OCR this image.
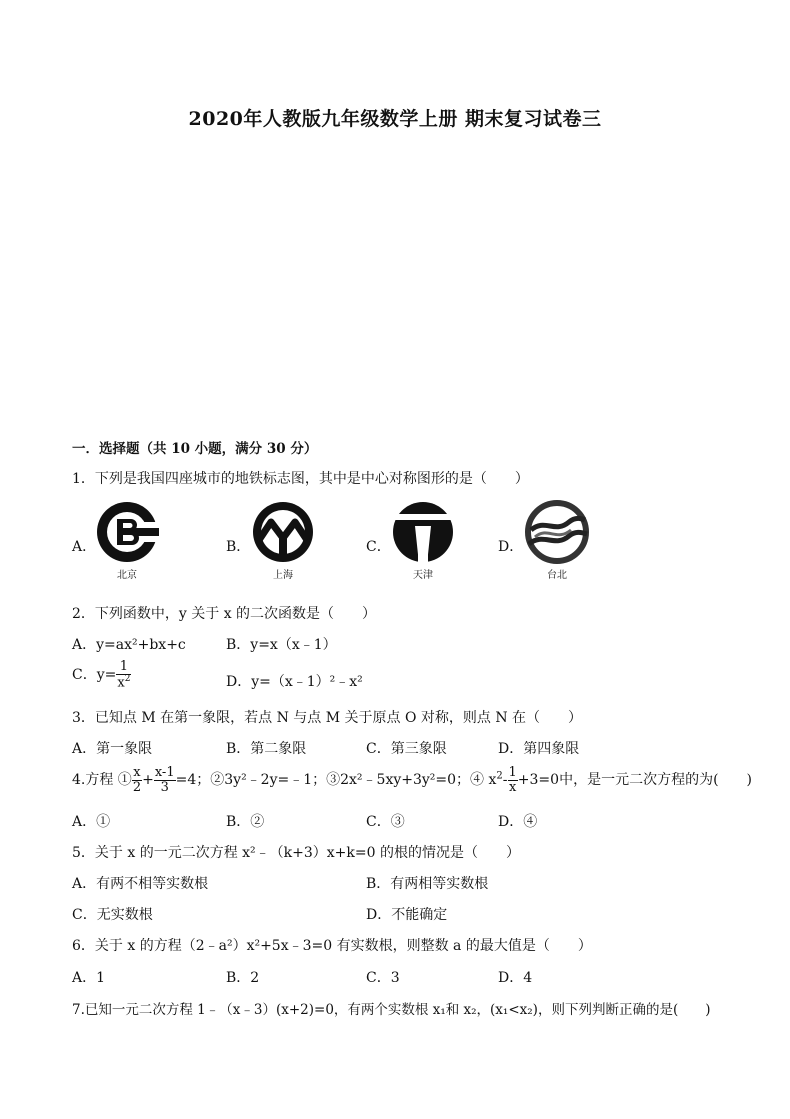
2020年人教版九年级数学上册 期末复习试卷三
一．选择题（共 10 小题，满分 30 分）
1．下列是我国四座城市的地铁标志图，其中是中心对称图形的是（　　）
A．
北京
B．
上海
C．
天津
D．
台北
2．下列函数中，y 关于 x 的二次函数是（　　）
A．y=ax²+bx+c	B．y=x（x﹣1）
C．$y= \frac{1}{x^2}$	D．y=（x﹣1）²﹣x²
3．已知点 M 在第一象限，若点 N 与点 M 关于原点 O 对称，则点 N 在（　　）
A．第一象限	B．第二象限	C．第三象限	D．第四象限
4.方程 ① $\frac{x}{2} + \frac{x-1}{3} =4$；②3y²﹣2y=﹣1；③2x²﹣5xy+3y²=0；④ $x^2- \frac{1}{x} +3=0$中，是一元二次方程的为(　　)
A．①	B．②	C．③	D．④
5．关于 x 的一元二次方程 x²﹣（k+3）x+k=0 的根的情况是（　　）
A．有两不相等实数根	B．有两相等实数根
C．无实数根	D．不能确定
6．关于 x 的方程（2﹣a²）x²+5x﹣3=0 有实数根，则整数 a 的最大值是（　　）
A．1	B．2	C．3	D．4
7.已知一元二次方程 1﹣（x﹣3）(x+2)=0，有两个实数根 x₁和 x₂，(x₁<x₂)，则下列判断正确的是(　　)
